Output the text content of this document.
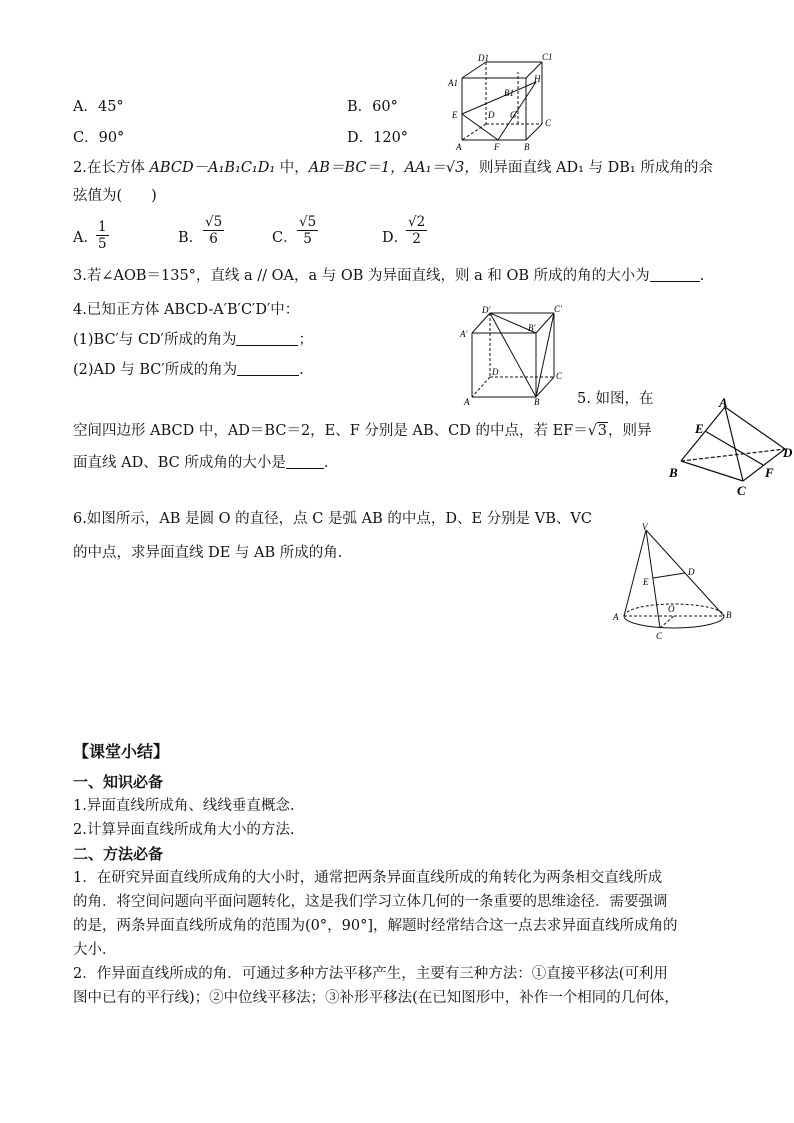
A．45°	B．60°
C．90°	D．120°
D1	C1
A1	H
B1
E	D G
C
A	F	B
2.在长方体 ABCD－A₁B₁C₁D₁ 中，AB＝BC＝1，AA₁＝√3，则异面直线 AD₁ 与 DB₁ 所成角的余
弦值为(　　)
A．
$\frac{1}{5}$	B． $\frac{√5}{6}$	C． $\frac{√5}{5}$	D．
$\frac{√2}{2}$
3.若∠AOB＝135°，直线 a // OA，a 与 OB 为异面直线，则 a 和 OB 所成的角的大小为	.
4.已知正方体 ABCD-A′B′C′D′中：
(1)BC′与 CD′所成的角为	；
(2)AD 与 BC′所成的角为	.
D′	C′
A′
B′
D	C
A	B	5. 如图，在
空间四边形 ABCD 中，AD＝BC＝2，E、F 分别是 AB、CD 的中点，若 EF＝√ 3，则异
面直线 AD、BC 所成角的大小是	.
A
E
D
B	F
C
6.如图所示，AB 是圆 O 的直径，点 C 是弧 AB 的中点，D、E 分别是 VB、VC
的中点，求异面直线 DE 与 AB 所成的角.
V
E
D
A
O
B
C
【课堂小结】
一、知识必备
1.异面直线所成角、线线垂直概念.
2.计算异面直线所成角大小的方法.
二、方法必备
1．在研究异面直线所成角的大小时，通常把两条异面直线所成的角转化为两条相交直线所成
的角．将空间问题向平面问题转化，这是我们学习立体几何的一条重要的思维途径．需要强调
的是，两条异面直线所成角的范围为(0°，90°]，解题时经常结合这一点去求异面直线所成角的
大小．
2．作异面直线所成的角．可通过多种方法平移产生，主要有三种方法：①直接平移法(可利用
图中已有的平行线)；②中位线平移法；③补形平移法(在已知图形中，补作一个相同的几何体，
